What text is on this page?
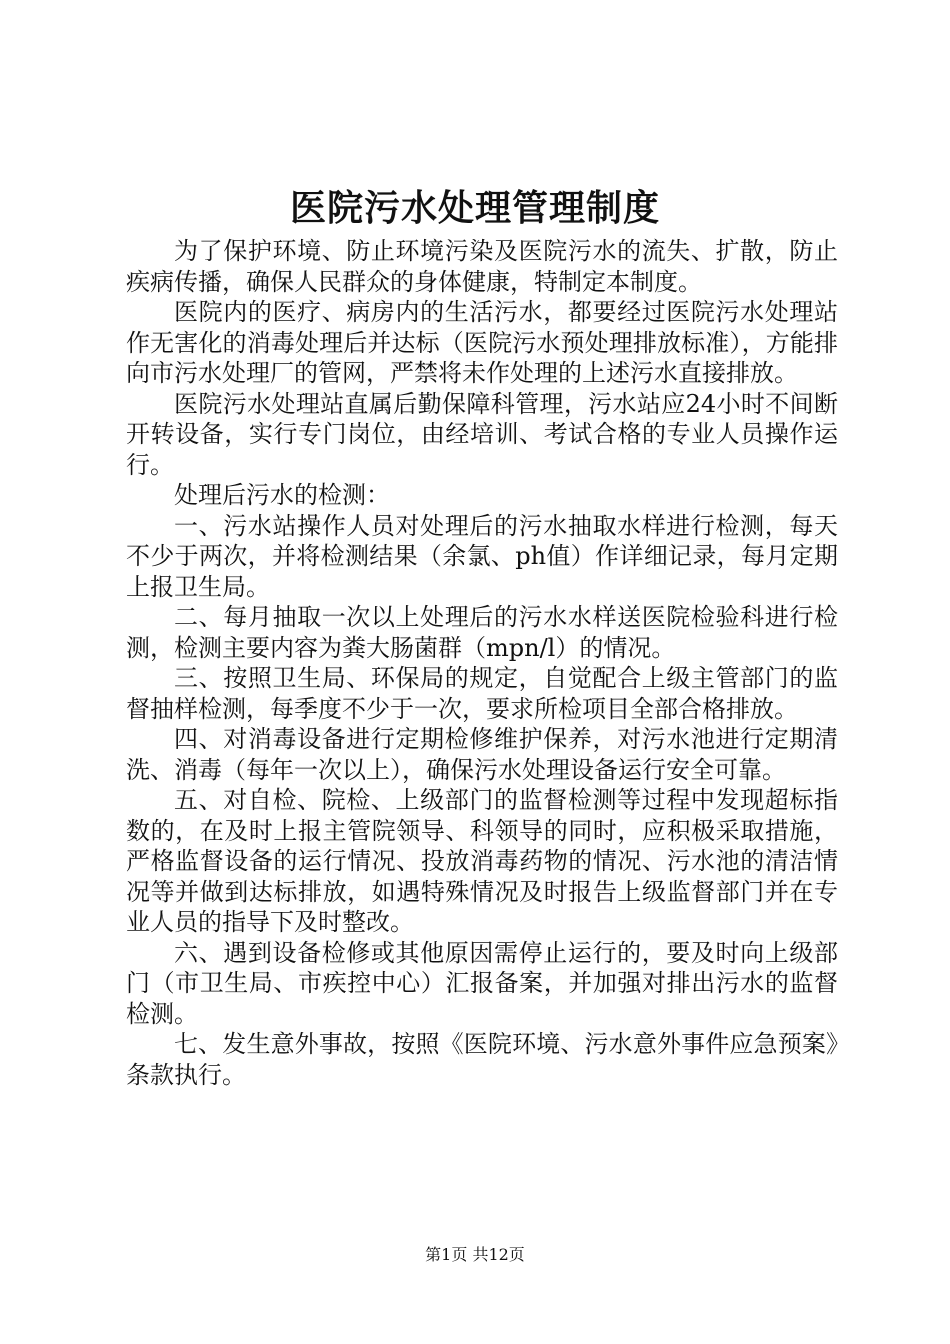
医院污水处理管理制度

为了保护环境、防止环境污染及医院污水的流失、扩散，防止疾病传播，确保人民群众的身体健康，特制定本制度。

医院内的医疗、病房内的生活污水，都要经过医院污水处理站作无害化的消毒处理后并达标（医院污水预处理排放标准），方能排向市污水处理厂的管网，严禁将未作处理的上述污水直接排放。

医院污水处理站直属后勤保障科管理，污水站应24小时不间断开转设备，实行专门岗位，由经培训、考试合格的专业人员操作运行。

处理后污水的检测：

一、污水站操作人员对处理后的污水抽取水样进行检测，每天不少于两次，并将检测结果（余氯、ph值）作详细记录，每月定期上报卫生局。

二、每月抽取一次以上处理后的污水水样送医院检验科进行检测，检测主要内容为粪大肠菌群（mpn/l）的情况。

三、按照卫生局、环保局的规定，自觉配合上级主管部门的监督抽样检测，每季度不少于一次，要求所检项目全部合格排放。

四、对消毒设备进行定期检修维护保养，对污水池进行定期清洗、消毒（每年一次以上），确保污水处理设备运行安全可靠。

五、对自检、院检、上级部门的监督检测等过程中发现超标指数的，在及时上报主管院领导、科领导的同时，应积极采取措施，严格监督设备的运行情况、投放消毒药物的情况、污水池的清洁情况等并做到达标排放，如遇特殊情况及时报告上级监督部门并在专业人员的指导下及时整改。

六、遇到设备检修或其他原因需停止运行的，要及时向上级部门（市卫生局、市疾控中心）汇报备案，并加强对排出污水的监督检测。

七、发生意外事故，按照《医院环境、污水意外事件应急预案》条款执行。

第1页 共12页
